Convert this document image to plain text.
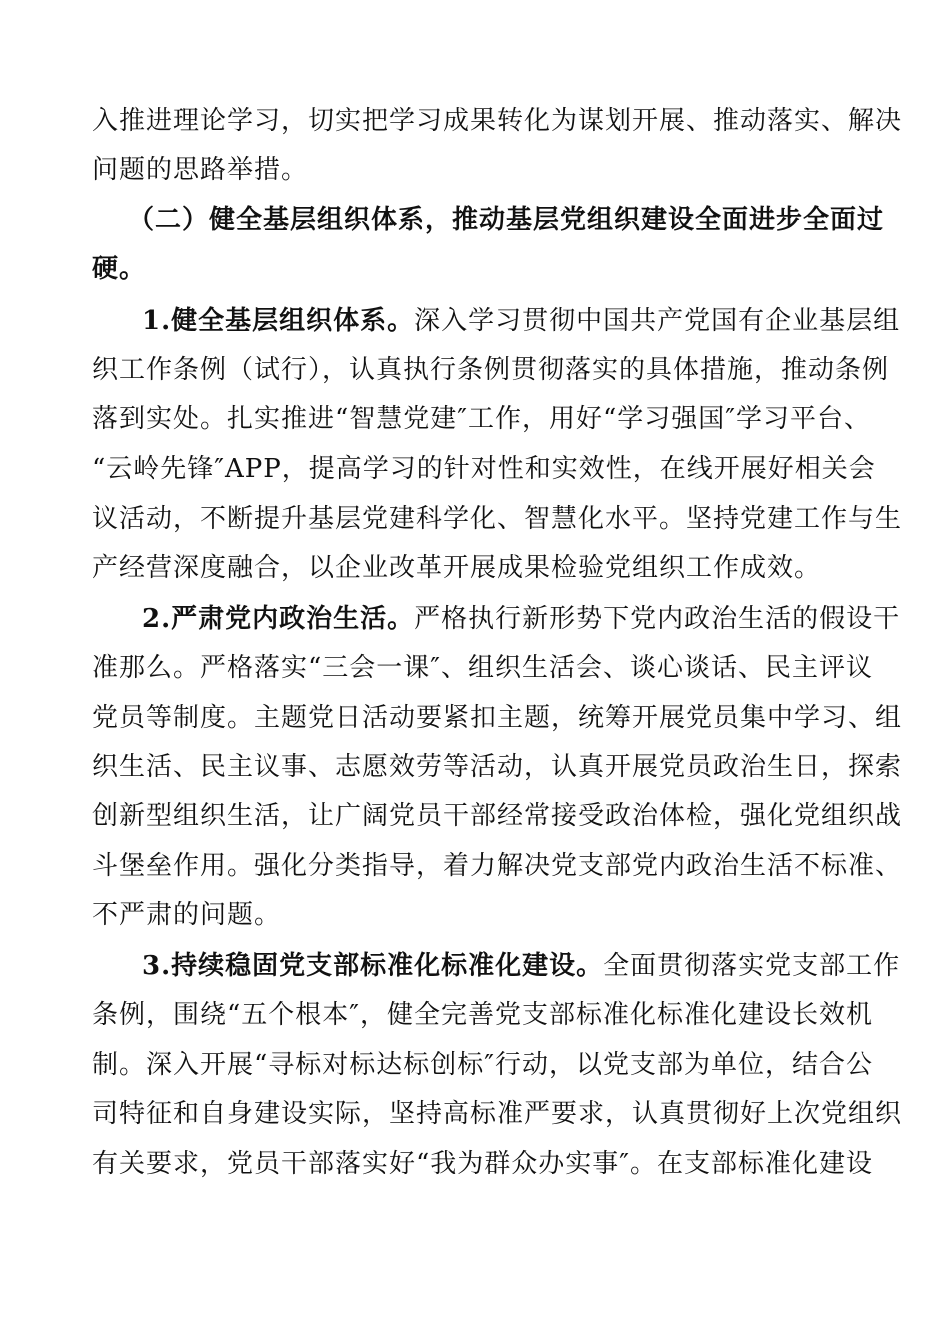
入推进理论学习，切实把学习成果转化为谋划开展、推动落实、解决
问题的思路举措。
（二）健全基层组织体系，推动基层党组织建设全面进步全面过
硬。
1.健全基层组织体系。深入学习贯彻中国共产党国有企业基层组
织工作条例（试行），认真执行条例贯彻落实的具体措施，推动条例
落到实处。扎实推进“智慧党建″工作，用好“学习强国″学习平台、
“云岭先锋″APP，提高学习的针对性和实效性，在线开展好相关会
议活动，不断提升基层党建科学化、智慧化水平。坚持党建工作与生
产经营深度融合，以企业改革开展成果检验党组织工作成效。
2.严肃党内政治生活。严格执行新形势下党内政治生活的假设干
准那么。严格落实“三会一课″、组织生活会、谈心谈话、民主评议
党员等制度。主题党日活动要紧扣主题，统筹开展党员集中学习、组
织生活、民主议事、志愿效劳等活动，认真开展党员政治生日，探索
创新型组织生活，让广阔党员干部经常接受政治体检，强化党组织战
斗堡垒作用。强化分类指导，着力解决党支部党内政治生活不标准、
不严肃的问题。
3.持续稳固党支部标准化标准化建设。全面贯彻落实党支部工作
条例，围绕“五个根本″，健全完善党支部标准化标准化建设长效机
制。深入开展“寻标对标达标创标″行动，以党支部为单位，结合公
司特征和自身建设实际，坚持高标准严要求，认真贯彻好上次党组织
有关要求，党员干部落实好“我为群众办实事″。在支部标准化建设
